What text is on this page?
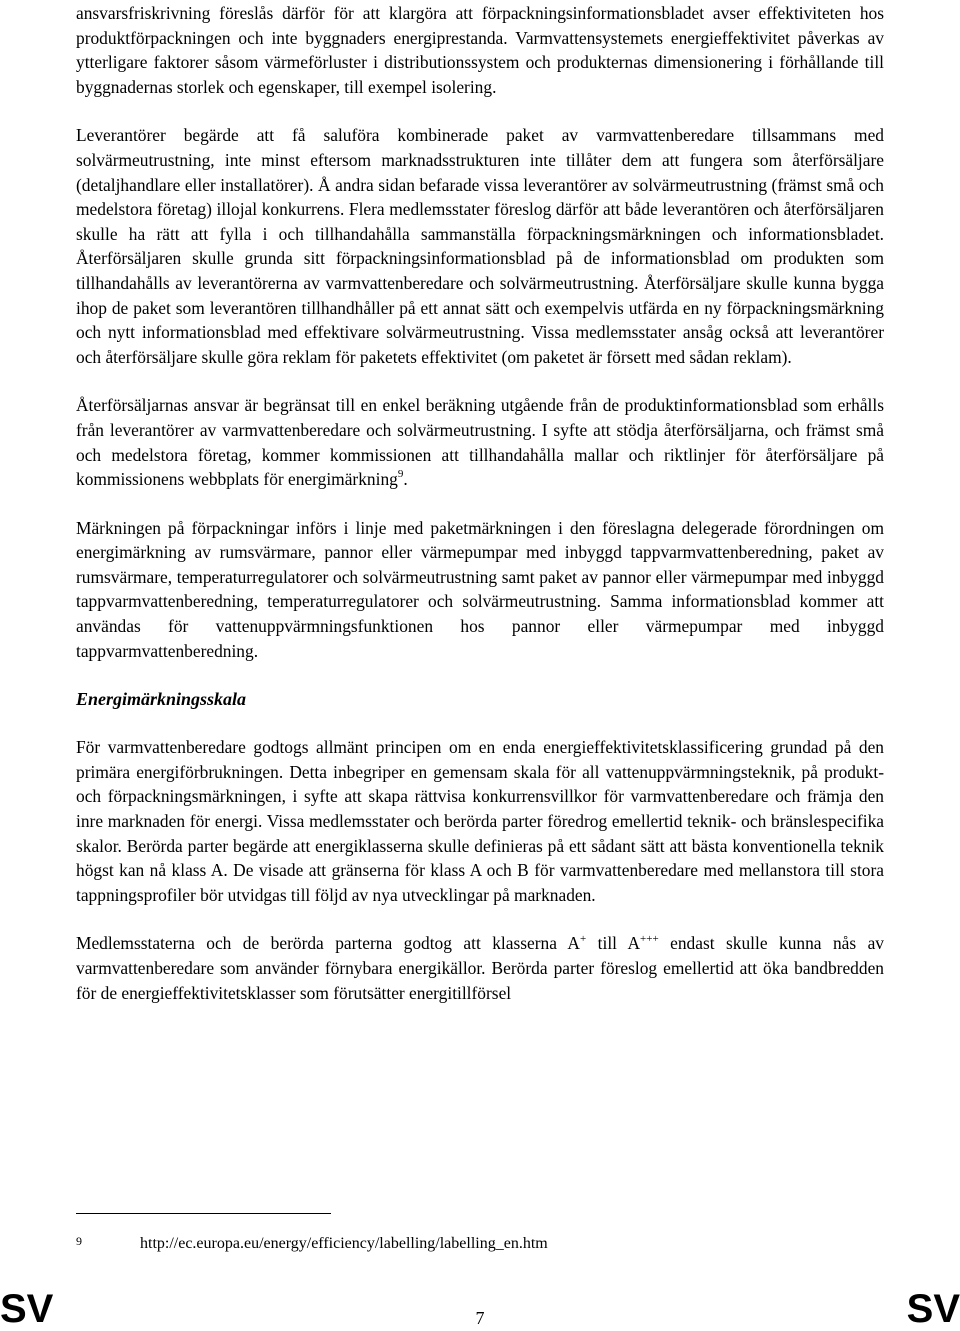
ansvarsfriskrivning föreslås därför för att klargöra att förpackningsinformationsbladet avser effektiviteten hos produktförpackningen och inte byggnaders energiprestanda. Varmvattensystemets energieffektivitet påverkas av ytterligare faktorer såsom värmeförluster i distributionssystem och produkternas dimensionering i förhållande till byggnadernas storlek och egenskaper, till exempel isolering.

Leverantörer begärde att få saluföra kombinerade paket av varmvattenberedare tillsammans med solvärmeutrustning, inte minst eftersom marknadsstrukturen inte tillåter dem att fungera som återförsäljare (detaljhandlare eller installatörer). Å andra sidan befarade vissa leverantörer av solvärmeutrustning (främst små och medelstora företag) illojal konkurrens. Flera medlemsstater föreslog därför att både leverantören och återförsäljaren skulle ha rätt att fylla i och tillhandahålla sammanställa förpackningsmärkningen och informationsbladet. Återförsäljaren skulle grunda sitt förpackningsinformationsblad på de informationsblad om produkten som tillhandahålls av leverantörerna av varmvattenberedare och solvärmeutrustning. Återförsäljare skulle kunna bygga ihop de paket som leverantören tillhandhåller på ett annat sätt och exempelvis utfärda en ny förpackningsmärkning och nytt informationsblad med effektivare solvärmeutrustning. Vissa medlemsstater ansåg också att leverantörer och återförsäljare skulle göra reklam för paketets effektivitet (om paketet är försett med sådan reklam).

Återförsäljarnas ansvar är begränsat till en enkel beräkning utgående från de produktinformationsblad som erhålls från leverantörer av varmvattenberedare och solvärmeutrustning. I syfte att stödja återförsäljarna, och främst små och medelstora företag, kommer kommissionen att tillhandahålla mallar och riktlinjer för återförsäljare på kommissionens webbplats för energimärkning$^9$.

Märkningen på förpackningar införs i linje med paketmärkningen i den föreslagna delegerade förordningen om energimärkning av rumsvärmare, pannor eller värmepumpar med inbyggd tappvarmvattenberedning, paket av rumsvärmare, temperaturregulatorer och solvärmeutrustning samt paket av pannor eller värmepumpar med inbyggd tappvarmvattenberedning, temperaturregulatorer och solvärmeutrustning. Samma informationsblad kommer att användas för vattenuppvärmningsfunktionen hos pannor eller värmepumpar med inbyggd tappvarmvattenberedning.

Energimärkningsskala

För varmvattenberedare godtogs allmänt principen om en enda energieffektivitetsklassificering grundad på den primära energiförbrukningen. Detta inbegriper en gemensam skala för all vattenuppvärmningsteknik, på produkt- och förpackningsmärkningen, i syfte att skapa rättvisa konkurrensvillkor för varmvattenberedare och främja den inre marknaden för energi. Vissa medlemsstater och berörda parter föredrog emellertid teknik- och bränslespecifika skalor. Berörda parter begärde att energiklasserna skulle definieras på ett sådant sätt att bästa konventionella teknik högst kan nå klass A. De visade att gränserna för klass A och B för varmvattenberedare med mellanstora till stora tappningsprofiler bör utvidgas till följd av nya utvecklingar på marknaden.

Medlemsstaterna och de berörda parterna godtog att klasserna A+ till A+++ endast skulle kunna nås av varmvattenberedare som använder förnybara energikällor. Berörda parter föreslog emellertid att öka bandbredden för de energieffektivitetsklasser som förutsätter energitillförsel

9	http://ec.europa.eu/energy/efficiency/labelling/labelling_en.htm
SV	7	SV
